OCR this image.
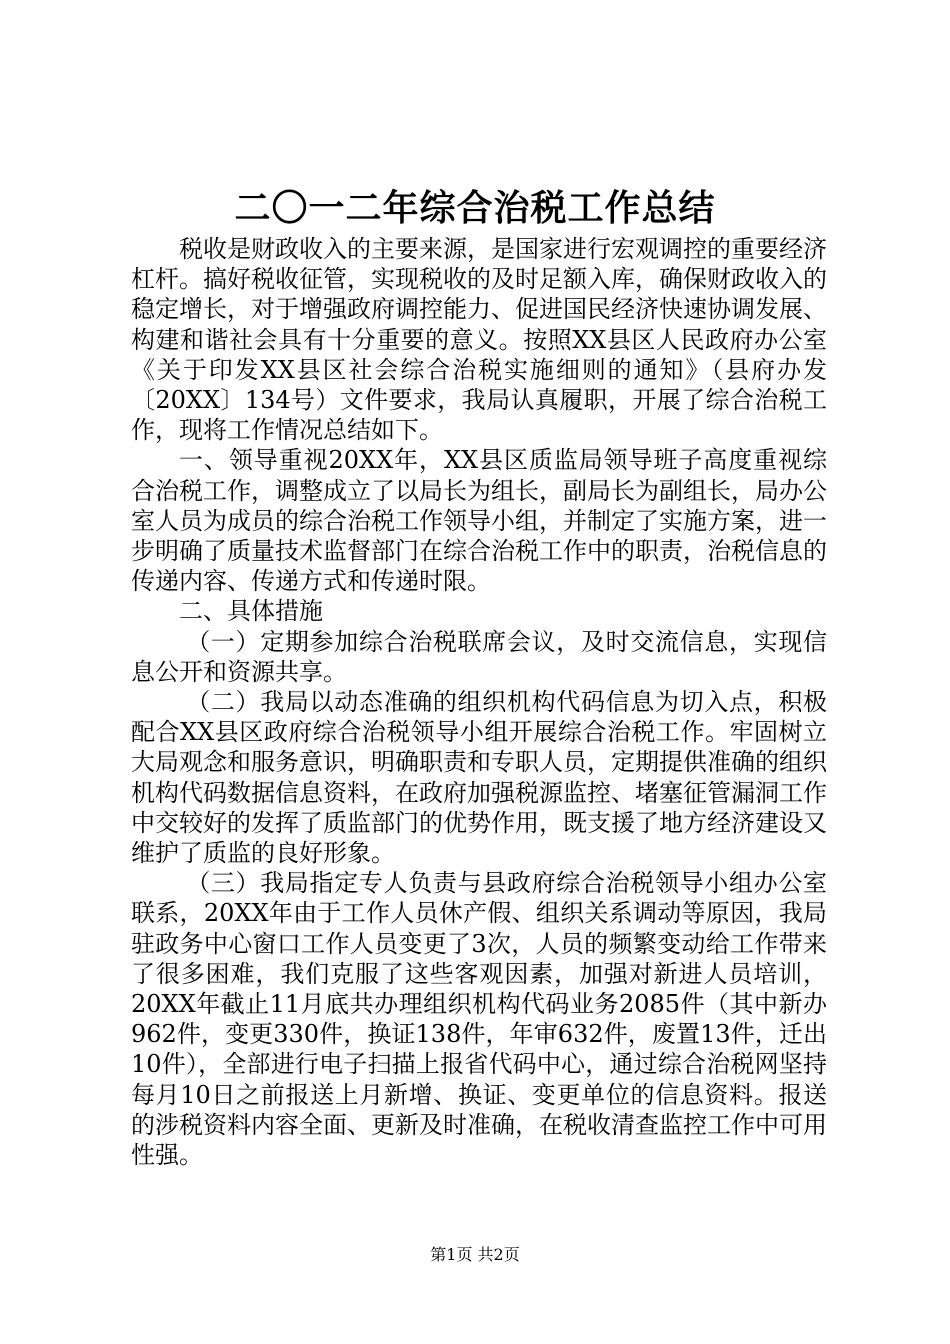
二〇一二年综合治税工作总结

税收是财政收入的主要来源，是国家进行宏观调控的重要经济杠杆。搞好税收征管，实现税收的及时足额入库，确保财政收入的稳定增长，对于增强政府调控能力、促进国民经济快速协调发展、构建和谐社会具有十分重要的意义。按照XX县区人民政府办公室《关于印发XX县区社会综合治税实施细则的通知》（县府办发〔20XX〕134号）文件要求，我局认真履职，开展了综合治税工作，现将工作情况总结如下。

一、领导重视20XX年，XX县区质监局领导班子高度重视综合治税工作，调整成立了以局长为组长，副局长为副组长，局办公室人员为成员的综合治税工作领导小组，并制定了实施方案，进一步明确了质量技术监督部门在综合治税工作中的职责，治税信息的传递内容、传递方式和传递时限。

二、具体措施

（一）定期参加综合治税联席会议，及时交流信息，实现信息公开和资源共享。

（二）我局以动态准确的组织机构代码信息为切入点，积极配合XX县区政府综合治税领导小组开展综合治税工作。牢固树立大局观念和服务意识，明确职责和专职人员，定期提供准确的组织机构代码数据信息资料，在政府加强税源监控、堵塞征管漏洞工作中交较好的发挥了质监部门的优势作用，既支援了地方经济建设又维护了质监的良好形象。

（三）我局指定专人负责与县政府综合治税领导小组办公室联系，20XX年由于工作人员休产假、组织关系调动等原因，我局驻政务中心窗口工作人员变更了3次，人员的频繁变动给工作带来了很多困难，我们克服了这些客观因素，加强对新进人员培训，20XX年截止11月底共办理组织机构代码业务2085件（其中新办962件，变更330件，换证138件，年审632件，废置13件，迁出10件），全部进行电子扫描上报省代码中心，通过综合治税网坚持每月10日之前报送上月新增、换证、变更单位的信息资料。报送的涉税资料内容全面、更新及时准确，在税收清查监控工作中可用性强。

第1页 共2页
